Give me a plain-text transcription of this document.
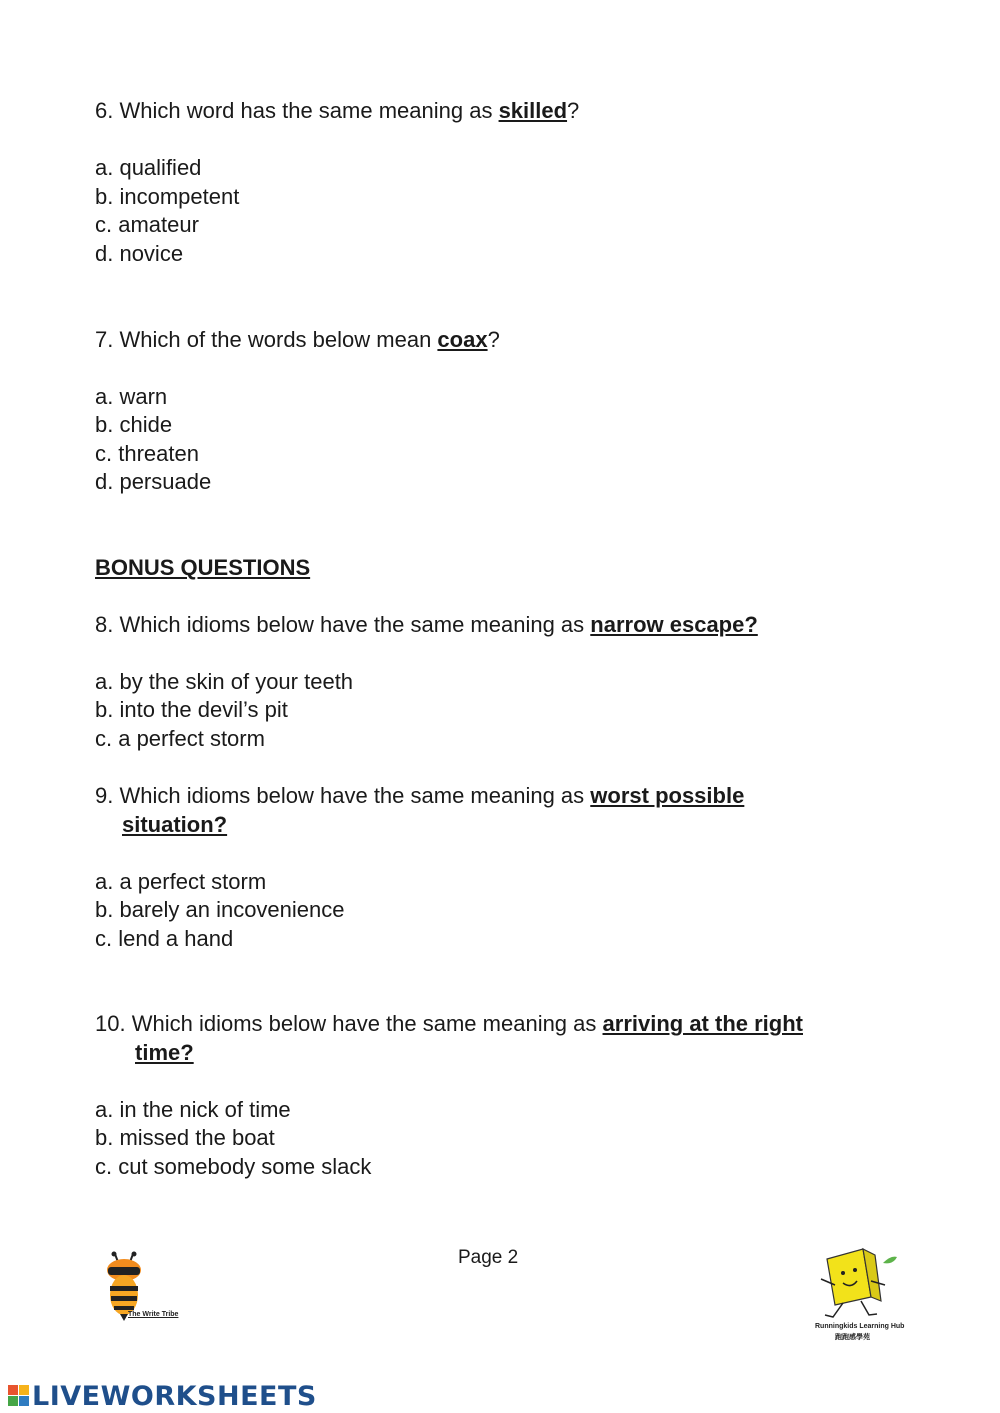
6. Which word has the same meaning as skilled?
a. qualified
b. incompetent
c. amateur
d. novice
7. Which of the words below mean coax?
a. warn
b. chide
c. threaten
d. persuade
BONUS QUESTIONS
8. Which idioms below have the same meaning as narrow escape?
a. by the skin of your teeth
b. into the devil’s pit
c. a perfect storm
9. Which idioms below have the same meaning as worst possible
situation?
a. a perfect storm
b. barely an incovenience
c. lend a hand
10. Which idioms below have the same meaning as arriving at the right
time?
a. in the nick of time
b. missed the boat
c. cut somebody some slack
Page 2
The Write Tribe
Runningkids Learning Hub
跑跑感學苑
LIVEWORKSHEETS
